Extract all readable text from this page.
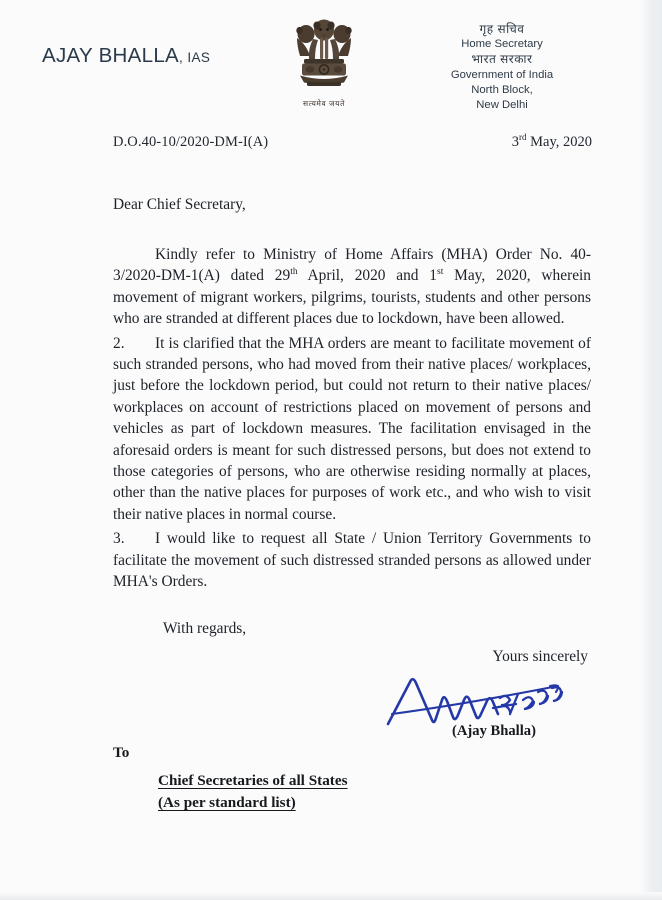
AJAY BHALLA, IAS
सत्यमेव जयते
गृह सचिव
Home Secretary
भारत सरकार
Government of India
North Block,
New Delhi
D.O.40-10/2020-DM-I(A)	3rd May, 2020

Dear Chief Secretary,

Kindly refer to Ministry of Home Affairs (MHA) Order No. 40-3/2020-DM-1(A) dated 29th April, 2020 and 1st May, 2020, wherein movement of migrant workers, pilgrims, tourists, students and other persons who are stranded at different places due to lockdown, have been allowed.

2. It is clarified that the MHA orders are meant to facilitate movement of such stranded persons, who had moved from their native places/ workplaces, just before the lockdown period, but could not return to their native places/ workplaces on account of restrictions placed on movement of persons and vehicles as part of lockdown measures. The facilitation envisaged in the aforesaid orders is meant for such distressed persons, but does not extend to those categories of persons, who are otherwise residing normally at places, other than the native places for purposes of work etc., and who wish to visit their native places in normal course.

3. I would like to request all State / Union Territory Governments to facilitate the movement of such distressed stranded persons as allowed under MHA's Orders.

With regards,
Yours sincerely
(Ajay Bhalla)
To
Chief Secretaries of all States
(As per standard list)
